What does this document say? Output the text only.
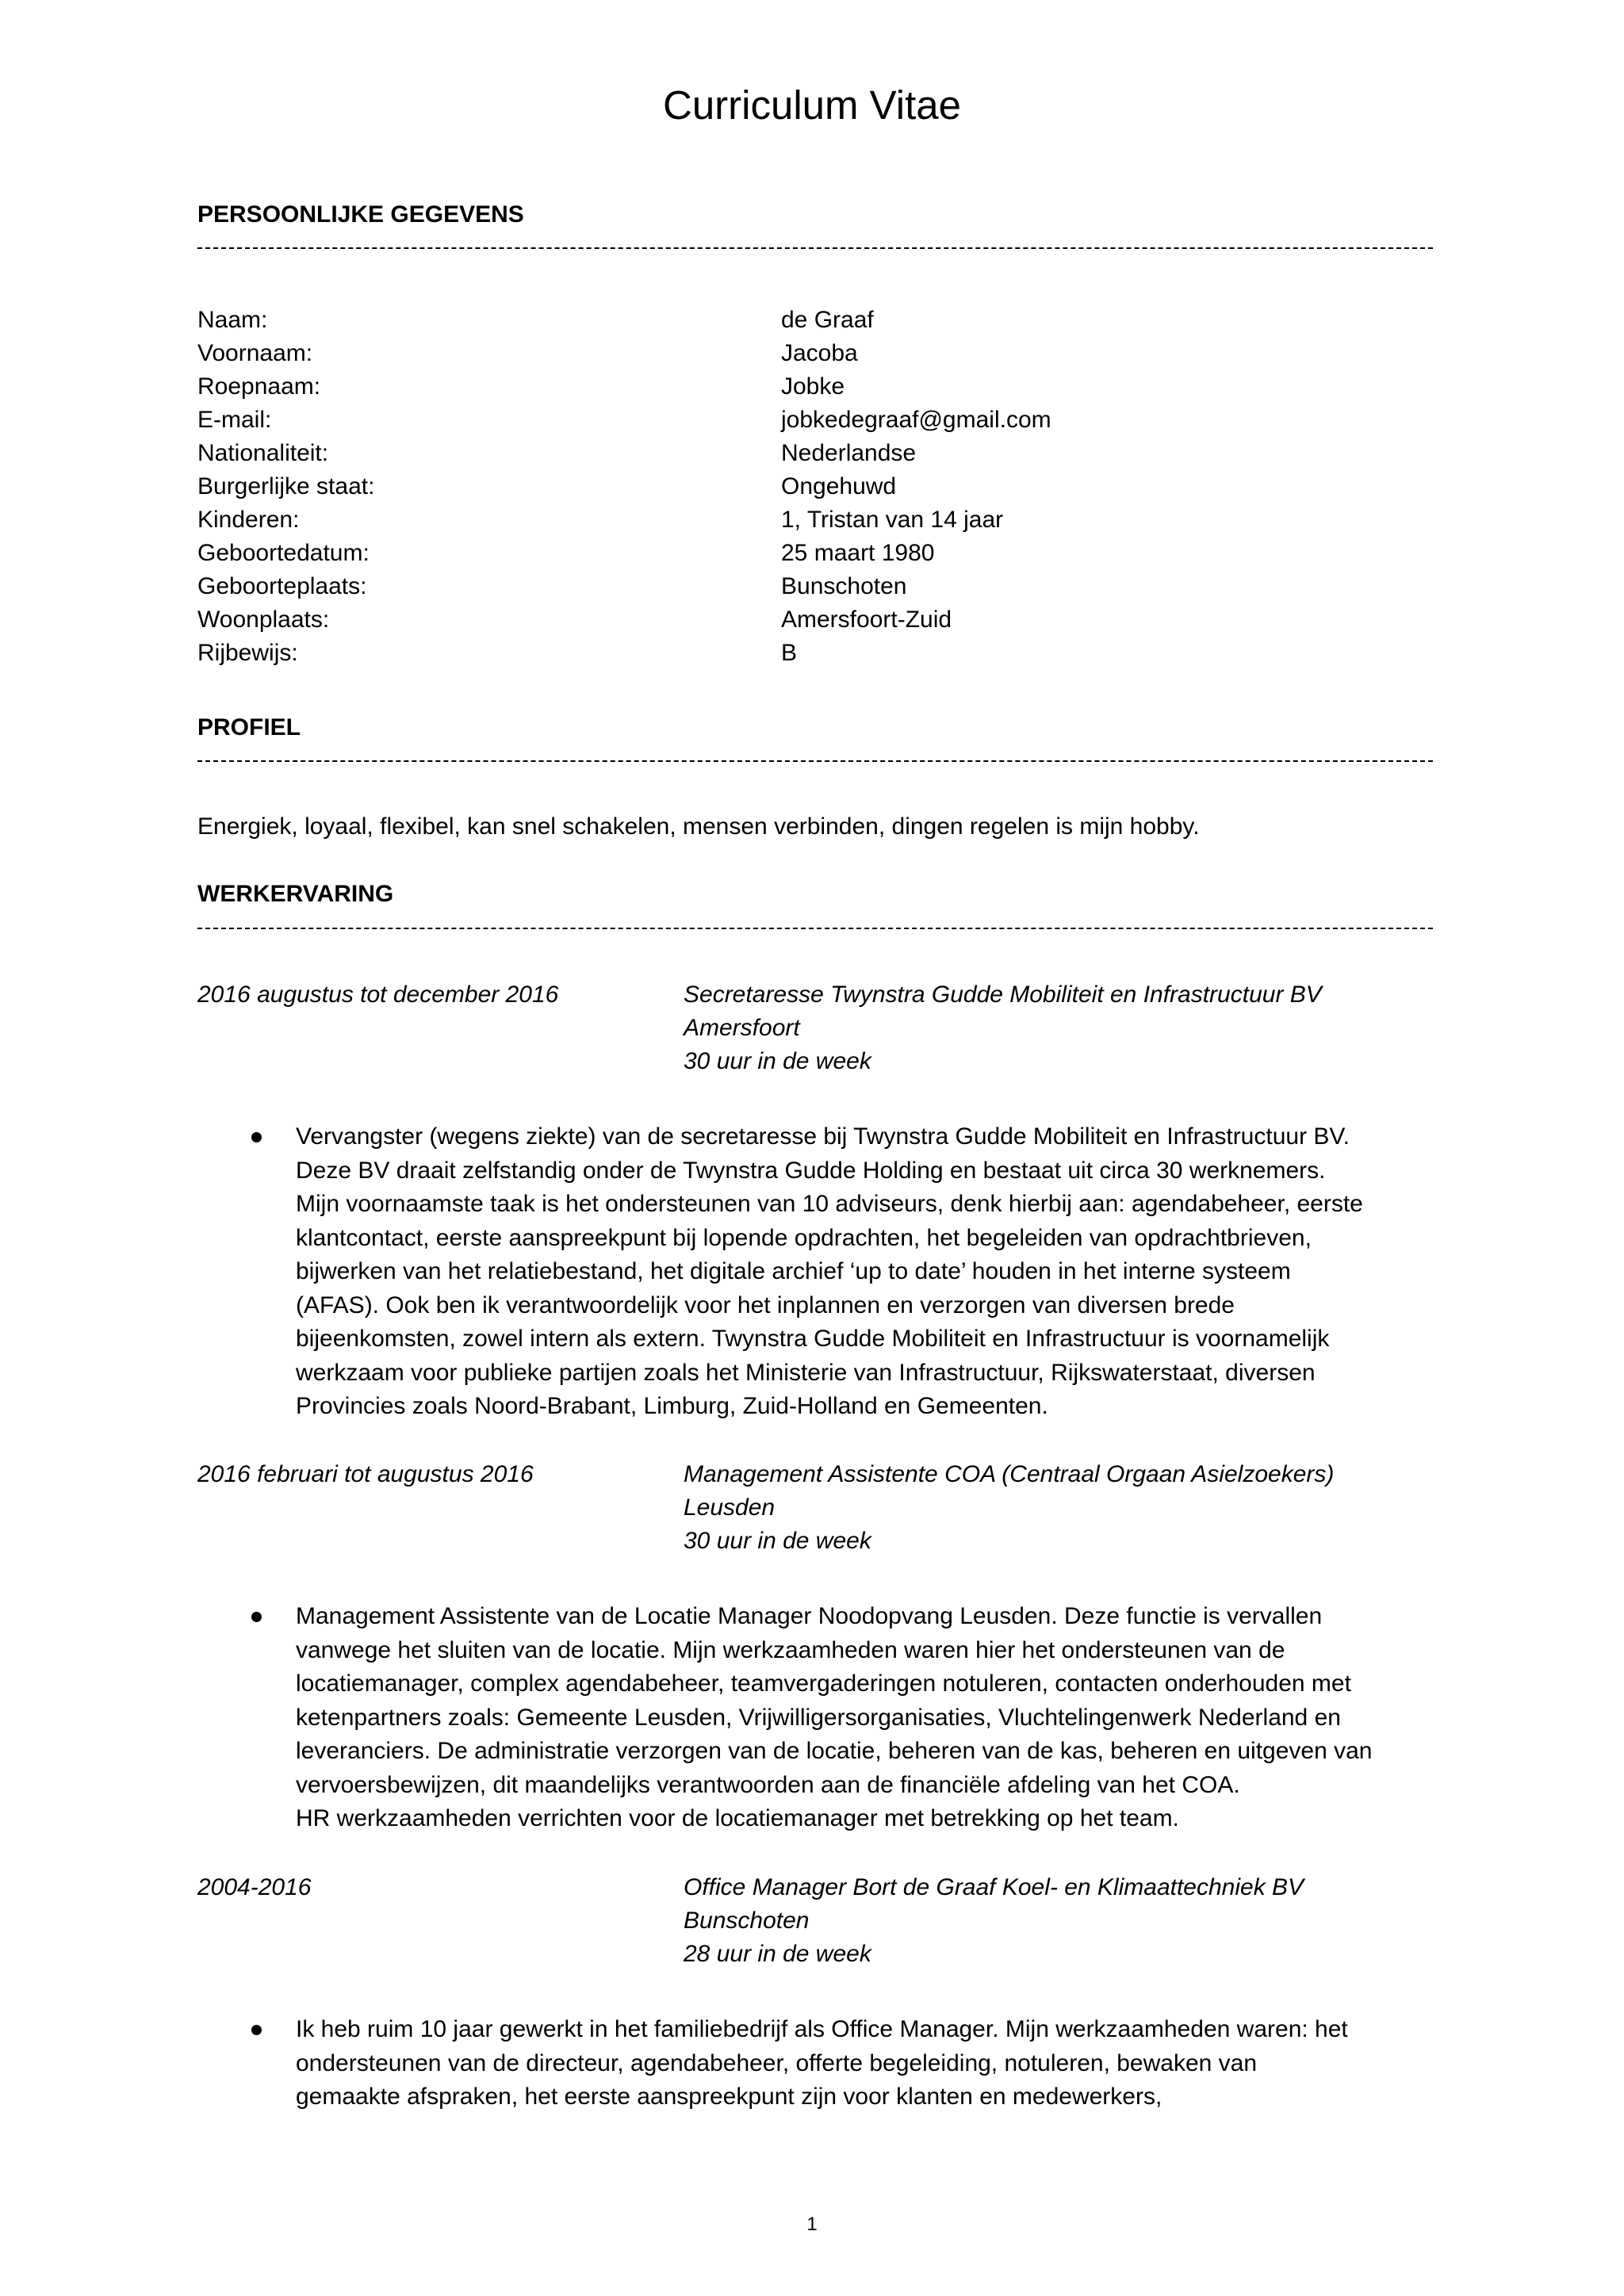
Curriculum Vitae
PERSOONLIJKE GEGEVENS
Naam:	de Graaf
Voornaam:	Jacoba
Roepnaam:	Jobke
E-mail:	jobkedegraaf@gmail.com
Nationaliteit:	Nederlandse
Burgerlijke staat:	Ongehuwd
Kinderen:	1, Tristan van 14 jaar
Geboortedatum:	25 maart 1980
Geboorteplaats:	Bunschoten
Woonplaats:	Amersfoort-Zuid
Rijbewijs:	B
PROFIEL
Energiek, loyaal, flexibel, kan snel schakelen, mensen verbinden, dingen regelen is mijn hobby.
WERKERVARING
2016 augustus tot december 2016	Secretaresse Twynstra Gudde Mobiliteit en Infrastructuur BV
Amersfoort
30 uur in de week
Vervangster (wegens ziekte) van de secretaresse bij Twynstra Gudde Mobiliteit en Infrastructuur BV.
Deze BV draait zelfstandig onder de Twynstra Gudde Holding en bestaat uit circa 30 werknemers.
Mijn voornaamste taak is het ondersteunen van 10 adviseurs, denk hierbij aan: agendabeheer, eerste
klantcontact, eerste aanspreekpunt bij lopende opdrachten, het begeleiden van opdrachtbrieven,
bijwerken van het relatiebestand, het digitale archief ‘up to date’ houden in het interne systeem
(AFAS). Ook ben ik verantwoordelijk voor het inplannen en verzorgen van diversen brede
bijeenkomsten, zowel intern als extern. Twynstra Gudde Mobiliteit en Infrastructuur is voornamelijk
werkzaam voor publieke partijen zoals het Ministerie van Infrastructuur, Rijkswaterstaat, diversen
Provincies zoals Noord-Brabant, Limburg, Zuid-Holland en Gemeenten.
2016 februari tot augustus 2016	Management Assistente COA (Centraal Orgaan Asielzoekers)
Leusden
30 uur in de week
Management Assistente van de Locatie Manager Noodopvang Leusden. Deze functie is vervallen
vanwege het sluiten van de locatie. Mijn werkzaamheden waren hier het ondersteunen van de
locatiemanager, complex agendabeheer, teamvergaderingen notuleren, contacten onderhouden met
ketenpartners zoals: Gemeente Leusden, Vrijwilligersorganisaties, Vluchtelingenwerk Nederland en
leveranciers. De administratie verzorgen van de locatie, beheren van de kas, beheren en uitgeven van
vervoersbewijzen, dit maandelijks verantwoorden aan de financiële afdeling van het COA.
HR werkzaamheden verrichten voor de locatiemanager met betrekking op het team.
2004-2016	Office Manager Bort de Graaf Koel- en Klimaattechniek BV
Bunschoten
28 uur in de week
Ik heb ruim 10 jaar gewerkt in het familiebedrijf als Office Manager. Mijn werkzaamheden waren: het
ondersteunen van de directeur, agendabeheer, offerte begeleiding, notuleren, bewaken van
gemaakte afspraken, het eerste aanspreekpunt zijn voor klanten en medewerkers,
1
